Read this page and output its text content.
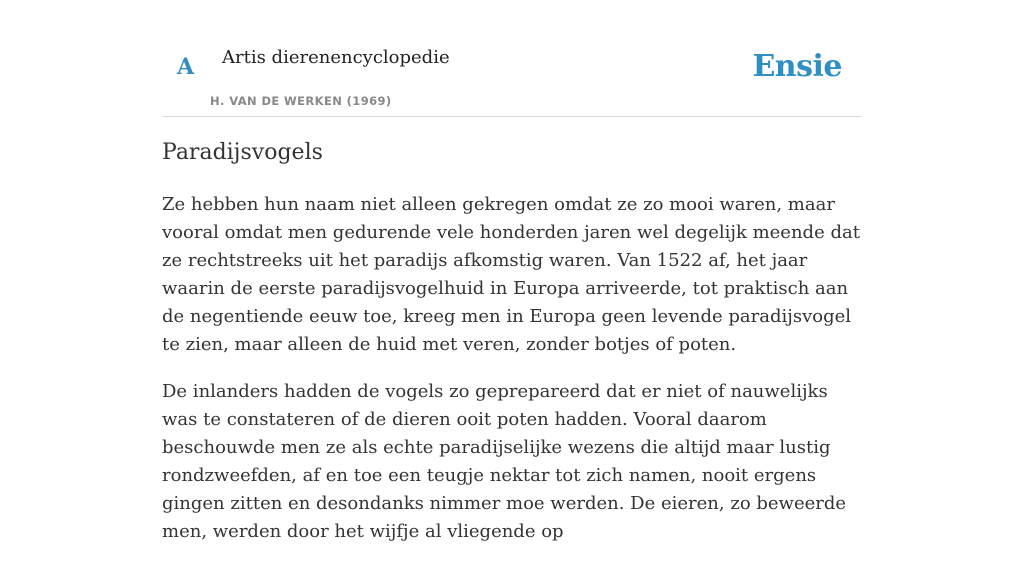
A Artis dierenencyclopedie
H. VAN DE WERKEN (1969)
Ensie
Paradijsvogels

Ze hebben hun naam niet alleen gekregen omdat ze zo mooi waren, maar vooral omdat men gedurende vele honderden jaren wel degelijk meende dat ze rechtstreeks uit het paradijs afkomstig waren. Van 1522 af, het jaar waarin de eerste paradijsvogelhuid in Europa arriveerde, tot praktisch aan de negentiende eeuw toe, kreeg men in Europa geen levende paradijsvogel te zien, maar alleen de huid met veren, zonder botjes of poten.

De inlanders hadden de vogels zo geprepareerd dat er niet of nauwelijks was te constateren of de dieren ooit poten hadden. Vooral daarom beschouwde men ze als echte paradijselijke wezens die altijd maar lustig rondzweefden, af en toe een teugje nektar tot zich namen, nooit ergens gingen zitten en desondanks nimmer moe werden. De eieren, zo beweerde men, werden door het wijfje al vliegende op
